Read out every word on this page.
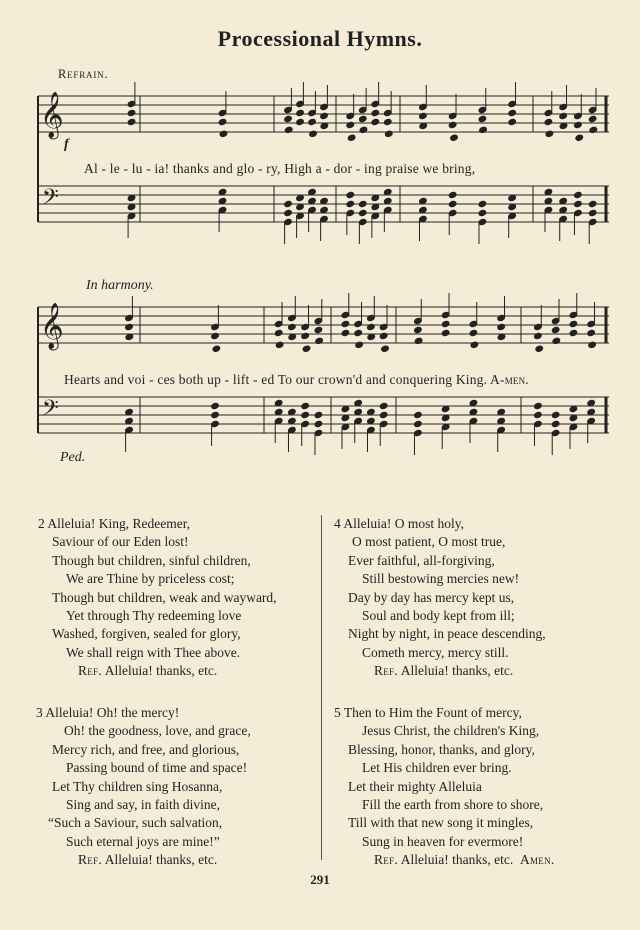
Processional Hymns.
Refrain.
f
Al - le - lu - ia! thanks and glo - ry, High a - dor - ing praise we bring,
In harmony.
Hearts and voi - ces both up - lift - ed To our crown'd and conquering King. A-men.
Ped.
𝄞
𝄢
𝄞
𝄢
2 Alleluia! King, Redeemer,
Saviour of our Eden lost!
Though but children, sinful children,
We are Thine by priceless cost;
Though but children, weak and wayward,
Yet through Thy redeeming love
Washed, forgiven, sealed for glory,
We shall reign with Thee above.
Ref. Alleluia! thanks, etc.
3 Alleluia! Oh! the mercy!
Oh! the goodness, love, and grace,
Mercy rich, and free, and glorious,
Passing bound of time and space!
Let Thy children sing Hosanna,
Sing and say, in faith divine,
“Such a Saviour, such salvation,
Such eternal joys are mine!”
Ref. Alleluia! thanks, etc.
4 Alleluia! O most holy,
O most patient, O most true,
Ever faithful, all-forgiving,
Still bestowing mercies new!
Day by day has mercy kept us,
Soul and body kept from ill;
Night by night, in peace descending,
Cometh mercy, mercy still.
Ref. Alleluia! thanks, etc.
5 Then to Him the Fount of mercy,
Jesus Christ, the children's King,
Blessing, honor, thanks, and glory,
Let His children ever bring.
Let their mighty Alleluia
Fill the earth from shore to shore,
Till with that new song it mingles,
Sung in heaven for evermore!
Ref. Alleluia! thanks, etc. Amen.
291
